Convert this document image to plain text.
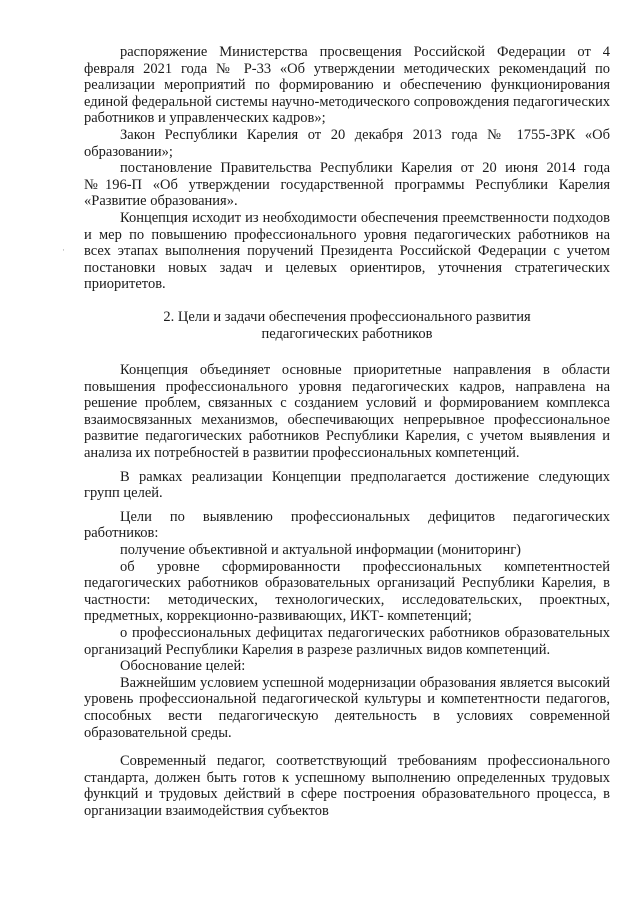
·

распоряжение Министерства просвещения Российской Федерации от 4 февраля 2021 года № Р-33 «Об утверждении методических рекомендаций по реализации мероприятий по формированию и обеспечению функционирования единой федеральной системы научно-методического сопровождения педагогических работников и управленческих кадров»;

Закон Республики Карелия от 20 декабря 2013 года № 1755-ЗРК «Об образовании»;

постановление Правительства Республики Карелия от 20 июня 2014 года №196-П «Об утверждении государственной программы Республики Карелия «Развитие образования».

Концепция исходит из необходимости обеспечения преемственности подходов и мер по повышению профессионального уровня педагогических работников на всех этапах выполнения поручений Президента Российской Федерации с учетом постановки новых задач и целевых ориентиров, уточнения стратегических приоритетов.

2. Цели и задачи обеспечения профессионального развития
педагогических работников

Концепция объединяет основные приоритетные направления в области повышения профессионального уровня педагогических кадров, направлена на решение проблем, связанных с созданием условий и формированием комплекса взаимосвязанных механизмов, обеспечивающих непрерывное профессиональное развитие педагогических работников Республики Карелия, с учетом выявления и анализа их потребностей в развитии профессиональных компетенций.

В рамках реализации Концепции предполагается достижение следующих групп целей.

Цели по выявлению профессиональных дефицитов педагогических работников:

получение объективной и актуальной информации (мониторинг)

об уровне сформированности профессиональных компетентностей педагогических работников образовательных организаций Республики Карелия, в частности: методических, технологических, исследовательских, проектных, предметных, коррекционно-развивающих, ИКТ- компетенций;

о профессиональных дефицитах педагогических работников образовательных организаций Республики Карелия в разрезе различных видов компетенций.

Обоснование целей:

Важнейшим условием успешной модернизации образования является высокий уровень профессиональной педагогической культуры и компетентности педагогов, способных вести педагогическую деятельность в условиях современной образовательной среды.

Современный педагог, соответствующий требованиям профессионального стандарта, должен быть готов к успешному выполнению определенных трудовых функций и трудовых действий в сфере построения образовательного процесса, в организации взаимодействия субъектов
